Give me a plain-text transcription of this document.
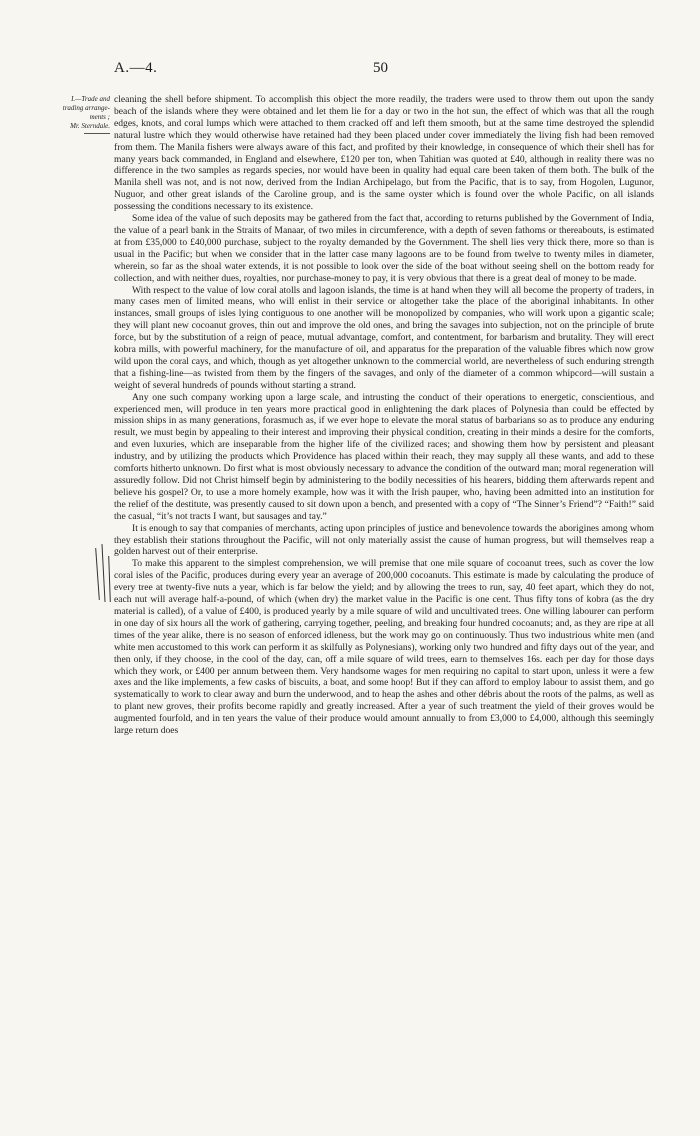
A.—4.	50
I.—Trade and
trading arrange-
ments ;
Mr. Sterndale.

cleaning the shell before shipment. To accomplish this object the more readily, the traders were used to throw them out upon the sandy beach of the islands where they were obtained and let them lie for a day or two in the hot sun, the effect of which was that all the rough edges, knots, and coral lumps which were attached to them cracked off and left them smooth, but at the same time destroyed the splendid natural lustre which they would otherwise have retained had they been placed under cover immediately the living fish had been removed from them. The Manila fishers were always aware of this fact, and profited by their knowledge, in consequence of which their shell has for many years back commanded, in England and elsewhere, £120 per ton, when Tahitian was quoted at £40, although in reality there was no difference in the two samples as regards species, nor would have been in quality had equal care been taken of them both. The bulk of the Manila shell was not, and is not now, derived from the Indian Archipelago, but from the Pacific, that is to say, from Hogolen, Lugunor, Nuguor, and other great islands of the Caroline group, and is the same oyster which is found over the whole Pacific, on all islands possessing the conditions necessary to its existence.

Some idea of the value of such deposits may be gathered from the fact that, according to returns published by the Government of India, the value of a pearl bank in the Straits of Manaar, of two miles in circumference, with a depth of seven fathoms or thereabouts, is estimated at from £35,000 to £40,000 purchase, subject to the royalty demanded by the Government. The shell lies very thick there, more so than is usual in the Pacific; but when we consider that in the latter case many lagoons are to be found from twelve to twenty miles in diameter, wherein, so far as the shoal water extends, it is not possible to look over the side of the boat without seeing shell on the bottom ready for collection, and with neither dues, royalties, nor purchase-money to pay, it is very obvious that there is a great deal of money to be made.

With respect to the value of low coral atolls and lagoon islands, the time is at hand when they will all become the property of traders, in many cases men of limited means, who will enlist in their service or altogether take the place of the aboriginal inhabitants. In other instances, small groups of isles lying contiguous to one another will be monopolized by companies, who will work upon a gigantic scale; they will plant new cocoanut groves, thin out and improve the old ones, and bring the savages into subjection, not on the principle of brute force, but by the substitution of a reign of peace, mutual advantage, comfort, and contentment, for barbarism and brutality. They will erect kobra mills, with powerful machinery, for the manufacture of oil, and apparatus for the preparation of the valuable fibres which now grow wild upon the coral cays, and which, though as yet altogether unknown to the commercial world, are nevertheless of such enduring strength that a fishing-line—as twisted from them by the fingers of the savages, and only of the diameter of a common whipcord—will sustain a weight of several hundreds of pounds without starting a strand.

Any one such company working upon a large scale, and intrusting the conduct of their operations to energetic, conscientious, and experienced men, will produce in ten years more practical good in enlightening the dark places of Polynesia than could be effected by mission ships in as many generations, forasmuch as, if we ever hope to elevate the moral status of barbarians so as to produce any enduring result, we must begin by appealing to their interest and improving their physical condition, creating in their minds a desire for the comforts, and even luxuries, which are inseparable from the higher life of the civilized races; and showing them how by persistent and pleasant industry, and by utilizing the products which Providence has placed within their reach, they may supply all these wants, and add to these comforts hitherto unknown. Do first what is most obviously necessary to advance the condition of the outward man; moral regeneration will assuredly follow. Did not Christ himself begin by administering to the bodily necessities of his hearers, bidding them afterwards repent and believe his gospel? Or, to use a more homely example, how was it with the Irish pauper, who, having been admitted into an institution for the relief of the destitute, was presently caused to sit down upon a bench, and presented with a copy of “The Sinner’s Friend”? “Faith!” said the casual, “it’s not tracts I want, but sausages and tay.”

It is enough to say that companies of merchants, acting upon principles of justice and benevolence towards the aborigines among whom they establish their stations throughout the Pacific, will not only materially assist the cause of human progress, but will themselves reap a golden harvest out of their enterprise.

To make this apparent to the simplest comprehension, we will premise that one mile square of cocoanut trees, such as cover the low coral isles of the Pacific, produces during every year an average of 200,000 cocoanuts. This estimate is made by calculating the produce of every tree at twenty-five nuts a year, which is far below the yield; and by allowing the trees to run, say, 40 feet apart, which they do not, each nut will average half-a-pound, of which (when dry) the market value in the Pacific is one cent. Thus fifty tons of kobra (as the dry material is called), of a value of £400, is produced yearly by a mile square of wild and uncultivated trees. One willing labourer can perform in one day of six hours all the work of gathering, carrying together, peeling, and breaking four hundred cocoanuts; and, as they are ripe at all times of the year alike, there is no season of enforced idleness, but the work may go on continuously. Thus two industrious white men (and white men accustomed to this work can perform it as skilfully as Polynesians), working only two hundred and fifty days out of the year, and then only, if they choose, in the cool of the day, can, off a mile square of wild trees, earn to themselves 16s. each per day for those days which they work, or £400 per annum between them. Very handsome wages for men requiring no capital to start upon, unless it were a few axes and the like implements, a few casks of biscuits, a boat, and some hoop! But if they can afford to employ labour to assist them, and go systematically to work to clear away and burn the underwood, and to heap the ashes and other débris about the roots of the palms, as well as to plant new groves, their profits become rapidly and greatly increased. After a year of such treatment the yield of their groves would be augmented fourfold, and in ten years the value of their produce would amount annually to from £3,000 to £4,000, although this seemingly large return does
